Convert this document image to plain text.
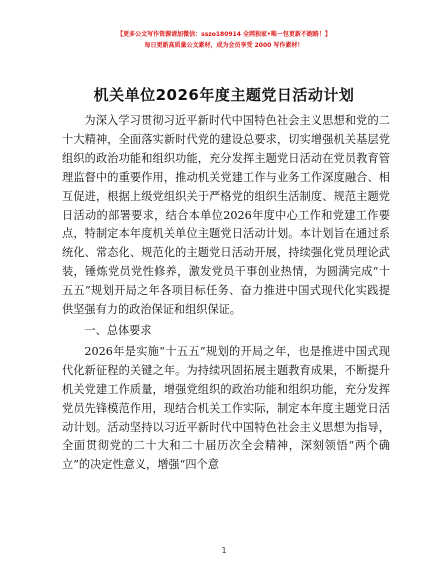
【更多公文写作资源请加微信：sszo180914 全网独家•唯一包更新不跑路！】
每日更新高质量公文素材，成为会员享受 2000 写作素材！
机关单位2026年度主题党日活动计划

为深入学习贯彻习近平新时代中国特色社会主义思想和党的二十大精神，全面落实新时代党的建设总要求，切实增强机关基层党组织的政治功能和组织功能，充分发挥主题党日活动在党员教育管理监督中的重要作用，推动机关党建工作与业务工作深度融合、相互促进，根据上级党组织关于严格党的组织生活制度、规范主题党日活动的部署要求，结合本单位2026年度中心工作和党建工作要点，特制定本年度机关单位主题党日活动计划。本计划旨在通过系统化、常态化、规范化的主题党日活动开展，持续强化党员理论武装，锤炼党员党性修养，激发党员干事创业热情，为圆满完成“十五五”规划开局之年各项目标任务、奋力推进中国式现代化实践提供坚强有力的政治保证和组织保证。

一、总体要求

2026年是实施“十五五”规划的开局之年，也是推进中国式现代化新征程的关键之年。为持续巩固拓展主题教育成果，不断提升机关党建工作质量，增强党组织的政治功能和组织功能，充分发挥党员先锋模范作用，现结合机关工作实际，制定本年度主题党日活动计划。活动坚持以习近平新时代中国特色社会主义思想为指导，全面贯彻党的二十大和二十届历次全会精神，深刻领悟“两个确立”的决定性意义，增强“四个意

1
